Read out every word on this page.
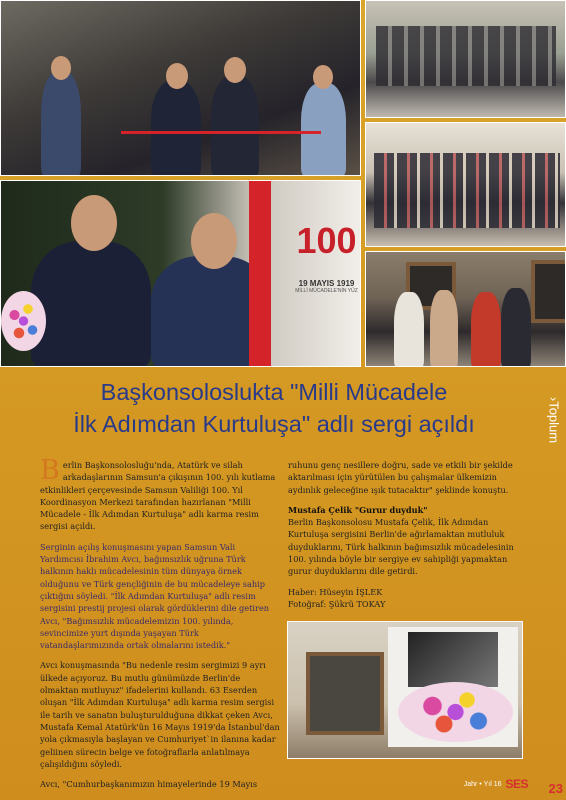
100
19 MAYIS 1919
MİLLİ MÜCADELE'NİN YÜZ
Başkonsoloslukta "Milli Mücadele
İlk Adımdan Kurtuluşa" adlı sergi açıldı	›Toplum

Berlin Başkonsolosluğu'nda, Atatürk ve silah arkadaşlarının Samsun'a çıkışının 100. yılı kutlama etkinlikleri çerçevesinde Samsun Valiliği 100. Yıl Koordinasyon Merkezi tarafından hazırlanan "Milli Mücadele - İlk Adımdan Kurtuluşa" adlı karma resim sergisi açıldı.

Serginin açılış konuşmasını yapan Samsun Vali Yardımcısı İbrahim Avcı, bağımsızlık uğruna Türk halkının haklı mücadelesinin tüm dünyaya örnek olduğunu ve Türk gençliğinin de bu mücadeleye sahip çıktığını söyledi. "İlk Adımdan Kurtuluşa" adlı resim sergisini prestij projesi olarak gördüklerini dile getiren Avcı, "Bağımsızlık mücadelemizin 100. yılında, sevincimize yurt dışında yaşayan Türk vatandaşlarımızında ortak olmalarını istedik."

Avcı konuşmasında "Bu nedenle resim sergimizi 9 ayrı ülkede açıyoruz. Bu mutlu günümüzde Berlin'de olmaktan mutluyuz" ifadelerini kullandı. 63 Eserden oluşan "İlk Adımdan Kurtuluşa" adlı karma resim sergisi ile tarih ve sanatın buluşturulduğuna dikkat çeken Avcı, Mustafa Kemal Atatürk'ün 16 Mayıs 1919'da İstanbul'dan yola çıkmasıyla başlayan ve Cumhuriyet`in ilanına kadar geliinen sürecin belge ve fotoğraflarla anlatılmaya çalışıldığını söyledi.

Avcı, "Cumhurbaşkanımızın himayelerinde 19 Mayıs

ruhunu genç nesillere doğru, sade ve etkili bir şekilde aktarılması için yürütülen bu çalışmalar ülkemizin aydınlık geleceğine ışık tutacaktır" şeklinde konuştu.

Mustafa Çelik "Gurur duyduk"

Berlin Başkonsolosu Mustafa Çelik, İlk Adımdan Kurtuluşa sergisini Berlin'de ağırlamaktan mutluluk duyduklarını, Türk halkının bağımsızlık mücadelesinin 100. yılında böyle bir sergiye ev sahipliği yapmaktan gurur duyduklarını dile getirdi.

Haber: Hüseyin İŞLEK
Fotoğraf: Şükrü TOKAY
Jahr • Yıl 16 SES 23
